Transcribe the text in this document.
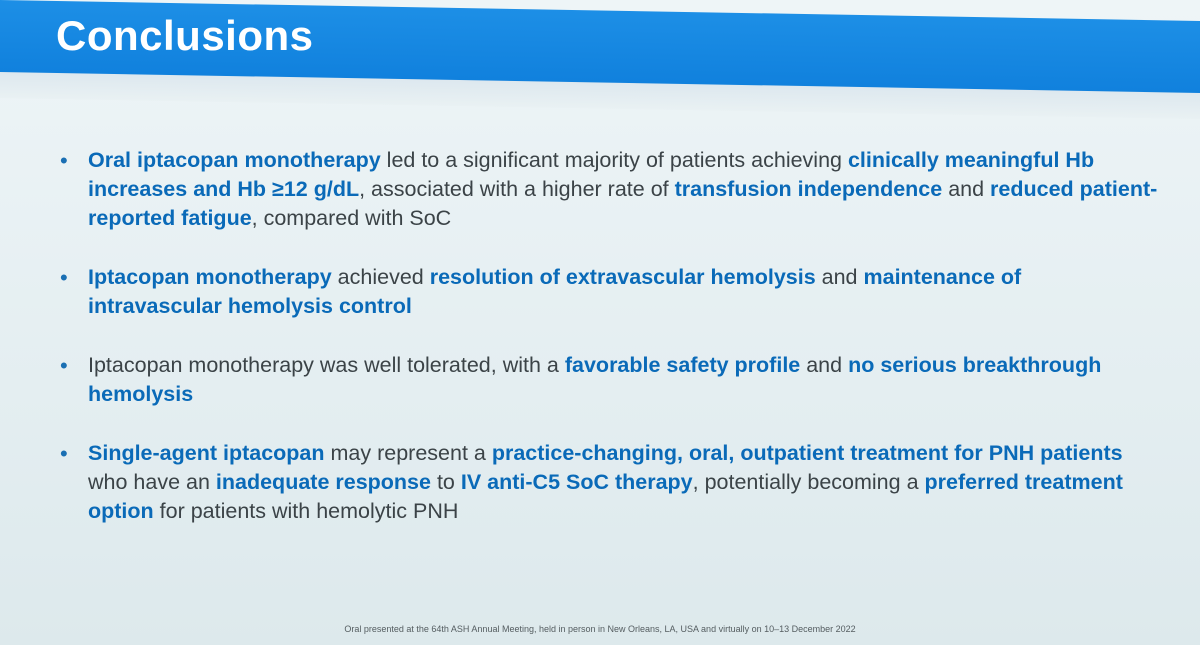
Conclusions
• Oral iptacopan monotherapy led to a significant majority of patients achieving clinically meaningful Hb increases and Hb ≥12 g/dL, associated with a higher rate of transfusion independence and reduced patient-reported fatigue, compared with SoC
• Iptacopan monotherapy achieved resolution of extravascular hemolysis and maintenance of intravascular hemolysis control
• Iptacopan monotherapy was well tolerated, with a favorable safety profile and no serious breakthrough hemolysis
• Single-agent iptacopan may represent a practice-changing, oral, outpatient treatment for PNH patients who have an inadequate response to IV anti-C5 SoC therapy, potentially becoming a preferred treatment option for patients with hemolytic PNH
Oral presented at the 64th ASH Annual Meeting, held in person in New Orleans, LA, USA and virtually on 10–13 December 2022
